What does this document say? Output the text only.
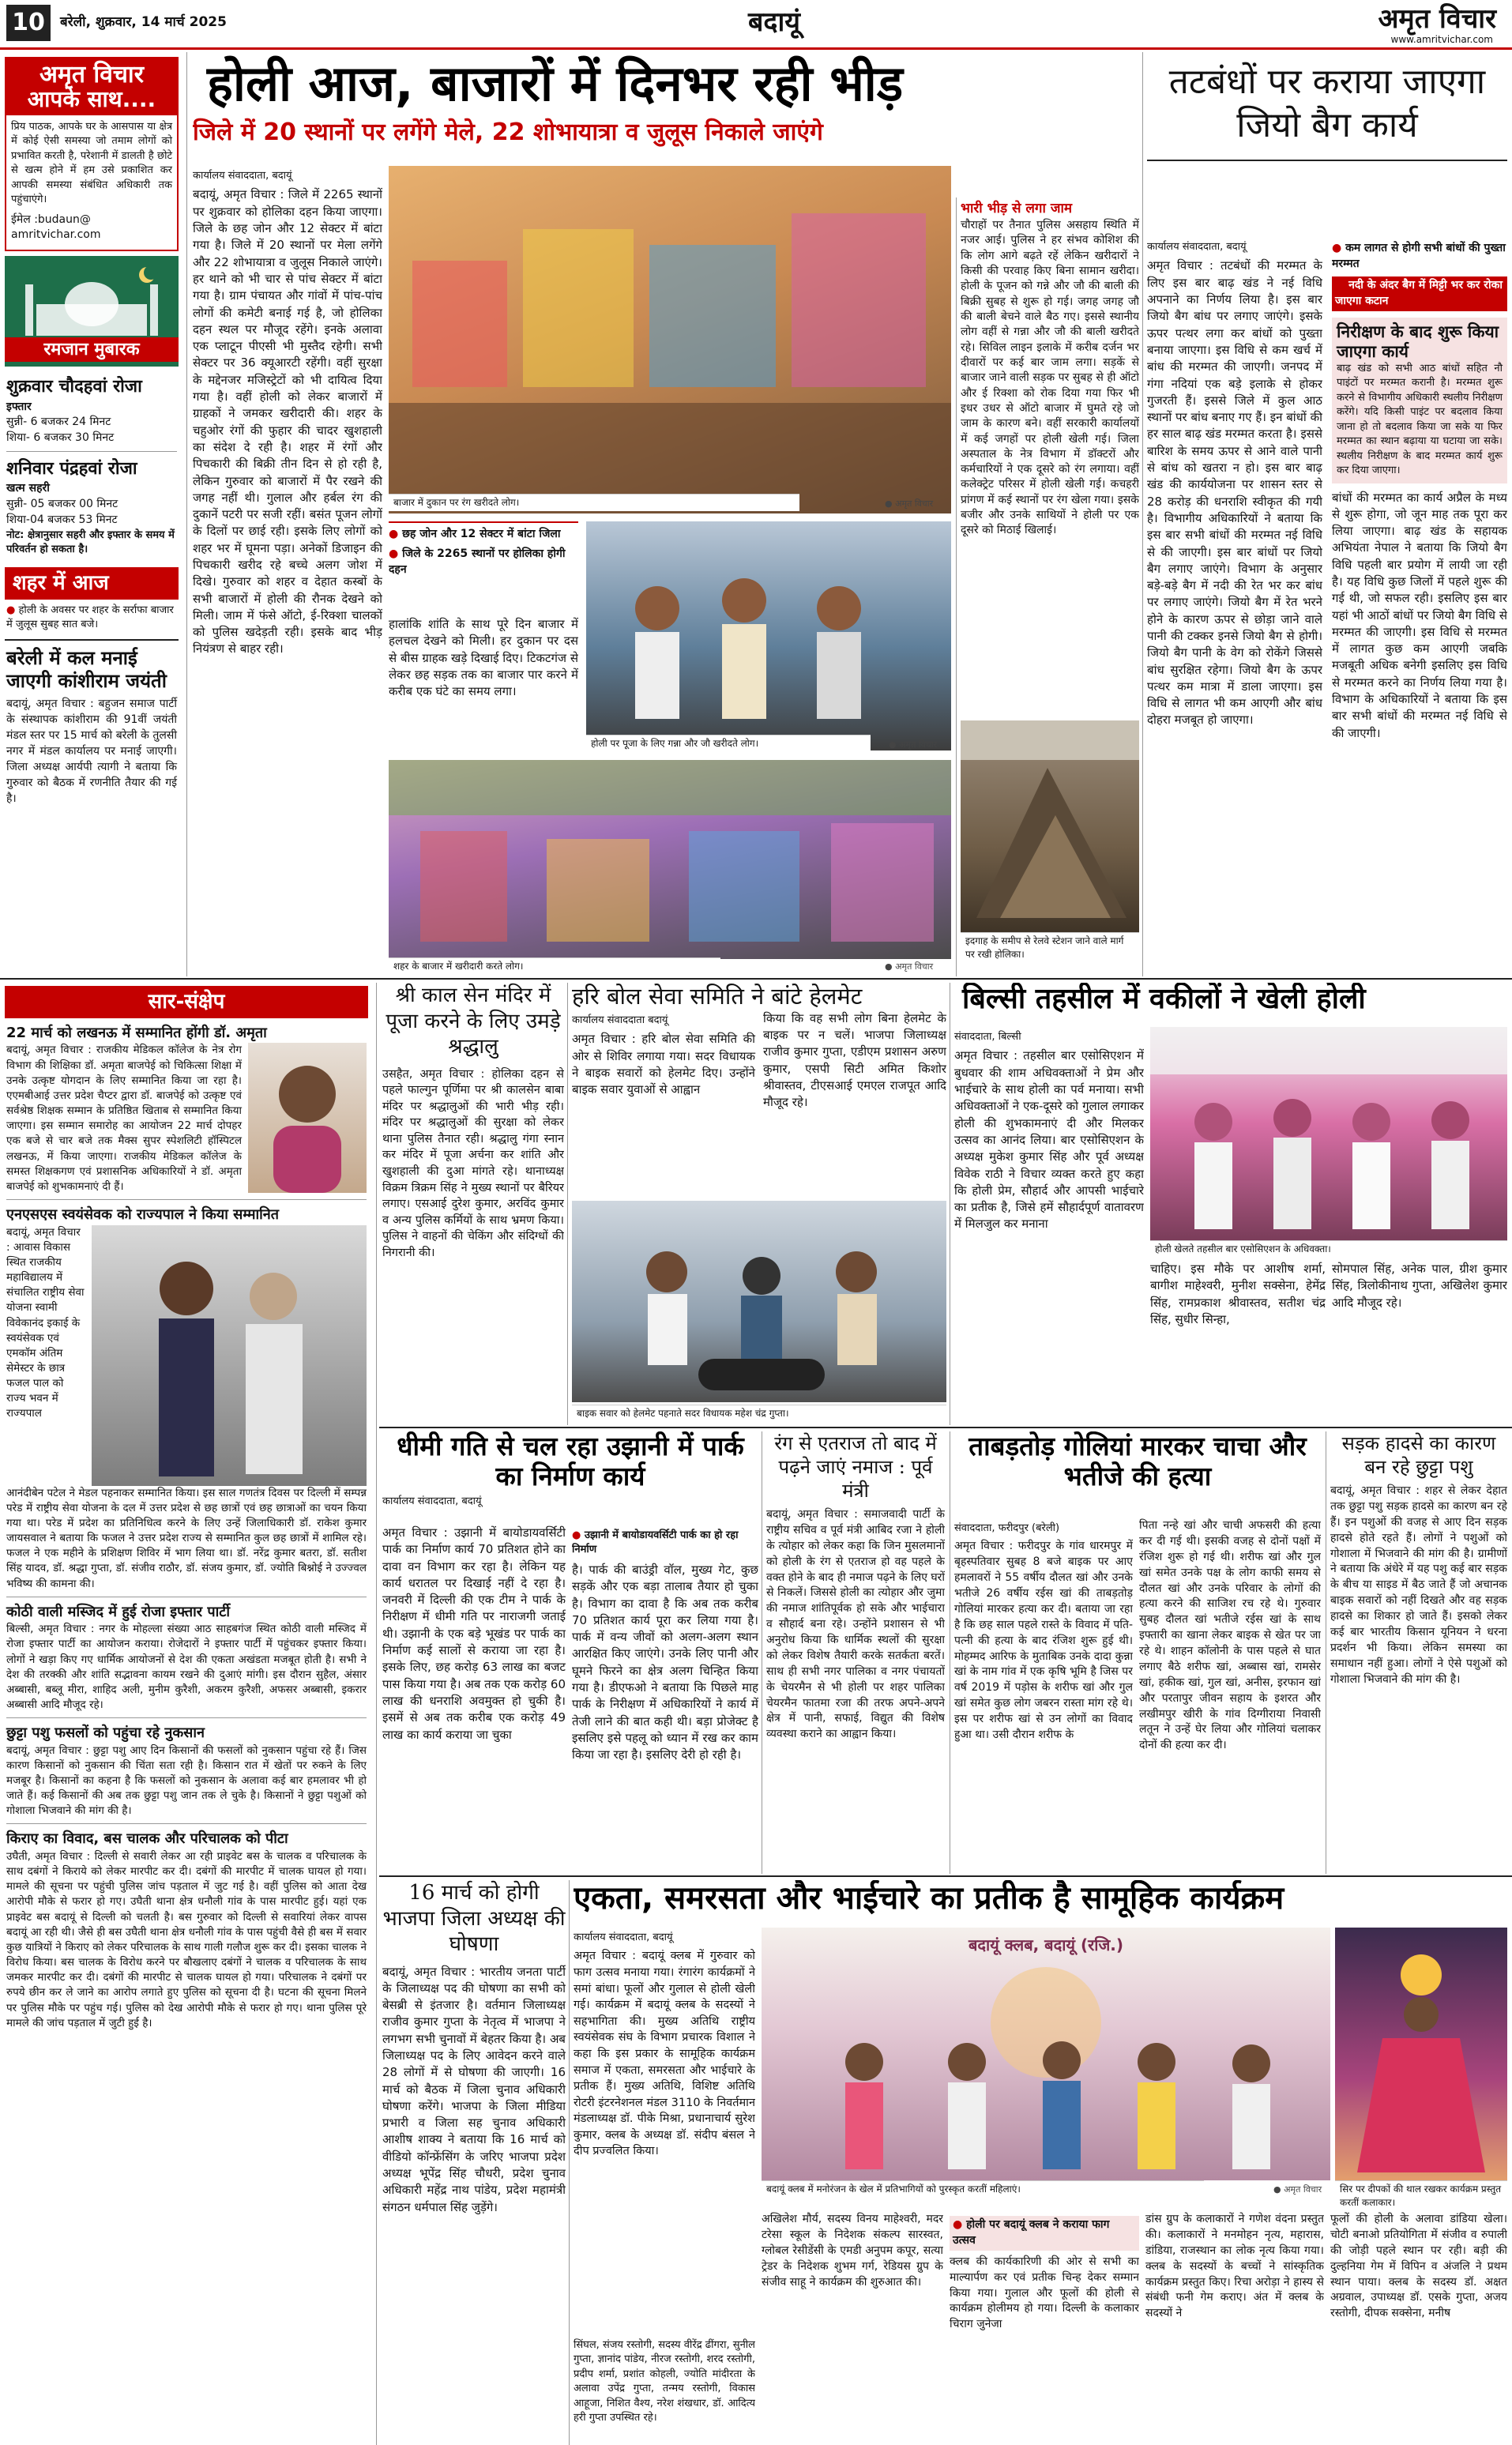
10	बरेली, शुक्रवार, 14 मार्च 2025	बदायूं	अमृत विचार
www.amritvichar.com
अमृत विचार
आपके साथ....
प्रिय पाठक, आपके घर के आसपास या क्षेत्र में कोई ऐसी समस्या जो तमाम लोगों को प्रभावित करती है, परेशानी में डालती है छोटे से खत्म होने में हम उसे प्रकाशित कर आपकी समस्या संबंधित अधिकारी तक पहुंचाएंगे।
ईमेल :budaun@
amritvichar.com
रमजान मुबारक
शुक्रवार चौदहवां रोजा
इफ्तार
सुन्नी- 6 बजकर 24 मिनट
शिया- 6 बजकर 30 मिनट
शनिवार पंद्रहवां रोजा
खत्म सहरी
सुन्नी- 05 बजकर 00 मिनट
शिया-04 बजकर 53 मिनट
नोट: क्षेत्रानुसार सहरी और इफ्तार के समय में परिवर्तन हो सकता है।
शहर में आज
● होली के अवसर पर शहर के सर्राफा बाजार में जुलूस सुबह सात बजे।
बरेली में कल मनाई जाएगी कांशीराम जयंती
बदायूं, अमृत विचार : बहुजन समाज पार्टी के संस्थापक कांशीराम की 91वीं जयंती मंडल स्तर पर 15 मार्च को बरेली के तुलसी नगर में मंडल कार्यालय पर मनाई जाएगी। जिला अध्यक्ष आर्यपी त्यागी ने बताया कि गुरुवार को बैठक में रणनीति तैयार की गई है।
होली आज, बाजारों में दिनभर रही भीड़
जिले में 20 स्थानों पर लगेंगे मेले, 22 शोभायात्रा व जुलूस निकाले जाएंगे
कार्यालय संवाददाता, बदायूं
बदायूं, अमृत विचार : जिले में 2265 स्थानों पर शुक्रवार को होलिका दहन किया जाएगा। जिले के छह जोन और 12 सेक्टर में बांटा गया है। जिले में 20 स्थानों पर मेला लगेंगे और 22 शोभायात्रा व जुलूस निकाले जाएंगे। हर थाने को भी चार से पांच सेक्टर में बांटा गया है। ग्राम पंचायत और गांवों में पांच-पांच लोगों की कमेटी बनाई गई है, जो होलिका दहन स्थल पर मौजूद रहेंगे। इनके अलावा एक प्लाटून पीएसी भी मुस्तैद रहेगी। सभी सेक्टर पर 36 क्यूआरटी रहेंगी। वहीं सुरक्षा के मद्देनजर मजिस्ट्रेटों को भी दायित्व दिया गया है। वहीं होली को लेकर बाजारों में ग्राहकों ने जमकर खरीदारी की। शहर के चहुओर रंगों की फुहार की चादर खुशहाली का संदेश दे रही है। शहर में रंगों और पिचकारी की बिक्री तीन दिन से हो रही है, लेकिन गुरुवार को बाजारों में पैर रखने की जगह नहीं थी। गुलाल और हर्बल रंग की दुकानें पटरी पर सजी रहीं। बसंत पूजन लोगों के दिलों पर छाई रही। इसके लिए लोगों को शहर भर में घूमना पड़ा। अनेकों डिजाइन की पिचकारी खरीद रहे बच्चे अलग जोश में दिखे। गुरुवार को शहर व देहात कस्बों के सभी बाजारों में होली की रौनक देखने को मिली। जाम में फंसे ऑटो, ई-रिक्शा चालकों को पुलिस खदेड़ती रही। इसके बाद भीड़ नियंत्रण से बाहर रही।
बाजार में दुकान पर रंग खरीदते लोग।	● अमृत विचार
● छह जोन और 12 सेक्टर में बांटा जिला
● जिले के 2265 स्थानों पर होलिका होगी दहन
होली पर पूजा के लिए गन्ना और जौ खरीदते लोग।	● अमृत विचार
हालांकि शांति के साथ पूरे दिन बाजार में हलचल देखने को मिली। हर दुकान पर दस से बीस ग्राहक खड़े दिखाई दिए। टिकटगंज से लेकर छह सड़क तक का बाजार पार करने में करीब एक घंटे का समय लगा।
शहर के बाजार में खरीदारी करते लोग।	● अमृत विचार
भारी भीड़ से लगा जाम
चौराहों पर तैनात पुलिस असहाय स्थिति में नजर आई। पुलिस ने हर संभव कोशिश की कि लोग आगे बढ़ते रहें लेकिन खरीदारों ने किसी की परवाह किए बिना सामान खरीदा। होली के पूजन को गन्ने और जौ की बाली की बिक्री सुबह से शुरू हो गई। जगह जगह जौ की बाली बेचने वाले बैठ गए। इससे स्थानीय लोग वहीं से गन्ना और जौ की बाली खरीदते रहे। सिविल लाइन इलाके में करीब दर्जन भर दीवारों पर कई बार जाम लगा। सड़कें से बाजार जाने वाली सड़क पर सुबह से ही ऑटो और ई रिक्शा को रोक दिया गया फिर भी इधर उधर से ऑटो बाजार में घुमते रहे जो जाम के कारण बने। वहीं सरकारी कार्यालयों में कई जगहों पर होली खेली गई। जिला अस्पताल के नेत्र विभाग में डॉक्टरों और कर्मचारियों ने एक दूसरे को रंग लगाया। वहीं कलेक्ट्रेट परिसर में होली खेली गई। कचहरी प्रांगण में कई स्थानों पर रंग खेला गया। इसके बजीर और उनके साथियों ने होली पर एक दूसरे को मिठाई खिलाई।
इदगाह के समीप से रेलवे स्टेशन जाने वाले मार्ग पर रखी होलिका।
तटबंधों पर कराया जाएगा जियो बैग कार्य
कार्यालय संवाददाता, बदायूं
अमृत विचार : तटबंधों की मरम्मत के लिए इस बार बाढ़ खंड ने नई विधि अपनाने का निर्णय लिया है। इस बार जियो बैग बांध पर लगाए जाएंगे। इसके ऊपर पत्थर लगा कर बांधों को पुख्ता बनाया जाएगा। इस विधि से कम खर्च में बांध की मरम्मत की जाएगी। जनपद में गंगा नदियां एक बड़े इलाके से होकर गुजरती हैं। इससे जिले में कुल आठ स्थानों पर बांध बनाए गए हैं। इन बांधों की हर साल बाढ़ खंड मरम्मत करता है। इससे बारिश के समय ऊपर से आने वाले पानी से बांध को खतरा न हो। इस बार बाढ़ खंड की कार्ययोजना पर शासन स्तर से 28 करोड़ की धनराशि स्वीकृत की गयी है। विभागीय अधिकारियों ने बताया कि इस बार सभी बांधों की मरम्मत नई विधि से की जाएगी। इस बार बांधों पर जियो बैग लगाए जाएंगे। विभाग के अनुसार बड़े-बड़े बैग में नदी की रेत भर कर बांध पर लगाए जाएंगे। जियो बैग में रेत भरने होने के कारण ऊपर से छोड़ा जाने वाले पानी की टक्कर इनसे जियो बैग से होगी। जियो बैग पानी के वेग को रोकेंगे जिससे बांध सुरक्षित रहेगा। जियो बैग के ऊपर पत्थर कम मात्रा में डाला जाएगा। इस विधि से लागत भी कम आएगी और बांध दोहरा मजबूत हो जाएगा।
● कम लागत से होगी सभी बांधों की पुख्ता मरम्मत
● नदी के अंदर बैग में मिट्टी भर कर रोका जाएगा कटान
निरीक्षण के बाद शुरू किया जाएगा कार्य
बाढ़ खंड को सभी आठ बांधों सहित नौ पाइंटों पर मरम्मत करानी है। मरम्मत शुरू करने से विभागीय अधिकारी स्थलीय निरीक्षण करेंगे। यदि किसी पाइंट पर बदलाव किया जाना हो तो बदलाव किया जा सके या फिर मरम्मत का स्थान बढ़ाया या घटाया जा सके। स्थलीय निरीक्षण के बाद मरम्मत कार्य शुरू कर दिया जाएगा।
बांधों की मरम्मत का कार्य अप्रैल के मध्य से शुरू होगा, जो जून माह तक पूरा कर लिया जाएगा। बाढ़ खंड के सहायक अभियंता नेपाल ने बताया कि जियो बैग विधि पहली बार प्रयोग में लायी जा रही है। यह विधि कुछ जिलों में पहले शुरू की गई थी, जो सफल रही। इसलिए इस बार यहां भी आठों बांधों पर जियो बैग विधि से मरम्मत की जाएगी। इस विधि से मरम्मत में लागत कुछ कम आएगी जबकि मजबूती अधिक बनेगी इसलिए इस विधि से मरम्मत करने का निर्णय लिया गया है। विभाग के अधिकारियों ने बताया कि इस बार सभी बांधों की मरम्मत नई विधि से की जाएगी।
सार-संक्षेप
22 मार्च को लखनऊ में सम्मानित होंगी डॉ. अमृता
बदायूं, अमृत विचार : राजकीय मेडिकल कॉलेज के नेत्र रोग विभाग की शिक्षिका डॉ. अमृता बाजपेई को चिकित्सा शिक्षा में उनके उत्कृष्ट योगदान के लिए सम्मानित किया जा रहा है। एएमबीआई उत्तर प्रदेश चैप्टर द्वारा डॉ. बाजपेई को उत्कृष्ट एवं सर्वश्रेष्ठ शिक्षक सम्मान के प्रतिष्ठित खिताब से सम्मानित किया जाएगा। इस सम्मान समारोह का आयोजन 22 मार्च दोपहर एक बजे से चार बजे तक मैक्स सुपर स्पेशलिटी हॉस्पिटल लखनऊ, में किया जाएगा। राजकीय मेडिकल कॉलेज के समस्त शिक्षकगण एवं प्रशासनिक अधिकारियों ने डॉ. अमृता बाजपेई को शुभकामनाएं दी हैं।
एनएसएस स्वयंसेवक को राज्यपाल ने किया सम्मानित
बदायूं, अमृत विचार : आवास विकास स्थित राजकीय महाविद्यालय में संचालित राष्ट्रीय सेवा योजना स्वामी विवेकानंद इकाई के स्वयंसेवक एवं एमकॉम अंतिम सेमेस्टर के छात्र फजल पाल को राज्य भवन में राज्यपाल
आनंदीबेन पटेल ने मेडल पहनाकर सम्मानित किया। इस साल गणतंत्र दिवस पर दिल्ली में सम्पन्न परेड में राष्ट्रीय सेवा योजना के दल में उत्तर प्रदेश से छह छात्रों एवं छह छात्राओं का चयन किया गया था। परेड में प्रदेश का प्रतिनिधित्व करने के लिए उन्हें जिलाधिकारी डॉ. राकेश कुमार जायसवाल ने बताया कि फजल ने उत्तर प्रदेश राज्य से सम्मानित कुल छह छात्रों में शामिल रहे। फजल ने एक महीने के प्रशिक्षण शिविर में भाग लिया था। डॉ. नरेंद्र कुमार बतरा, डॉ. सतीश सिंह यादव, डॉ. श्रद्धा गुप्ता, डॉ. संजीव राठौर, डॉ. संजय कुमार, डॉ. ज्योति बिश्नोई ने उज्ज्वल भविष्य की कामना की।
कोठी वाली मस्जिद में हुई रोजा इफ्तार पार्टी
बिल्सी, अमृत विचार : नगर के मोहल्ला संख्या आठ साहबगंज स्थित कोठी वाली मस्जिद में रोजा इफ्तार पार्टी का आयोजन कराया। रोजेदारों ने इफ्तार पार्टी में पहुंचकर इफ्तार किया। लोगों ने खड़ा किए गए धार्मिक आयोजनों से देश की एकता अखंडता मजबूत होती है। सभी ने देश की तरक्की और शांति सद्भावना कायम रखने की दुआएं मांगी। इस दौरान सुहैल, अंसार अब्बासी, बब्लू मीरा, शाहिद अली, मुनीम कुरैशी, अकरम कुरैशी, अफसर अब्बासी, इकरार अब्बासी आदि मौजूद रहे।
छुट्टा पशु फसलों को पहुंचा रहे नुकसान
बदायूं, अमृत विचार : छुट्टा पशु आए दिन किसानों की फसलों को नुकसान पहुंचा रहे हैं। जिस कारण किसानों को नुकसान की चिंता सता रही है। किसान रात में खेतों पर रुकने के लिए मजबूर है। किसानों का कहना है कि फसलों को नुकसान के अलावा कई बार हमलावर भी हो जाते हैं। कई किसानों की अब तक छुट्टा पशु जान तक ले चुके है। किसानों ने छुट्टा पशुओं को गोशाला भिजवाने की मांग की है।
किराए का विवाद, बस चालक और परिचालक को पीटा
उघैती, अमृत विचार : दिल्ली से सवारी लेकर आ रही प्राइवेट बस के चालक व परिचालक के साथ दबंगों ने किराये को लेकर मारपीट कर दी। दबंगों की मारपीट में चालक घायल हो गया। मामले की सूचना पर पहुंची पुलिस जांच पड़ताल में जुट गई है। वहीं पुलिस को आता देख आरोपी मौके से फरार हो गए। उघैती थाना क्षेत्र धनौली गांव के पास मारपीट हुई। यहां एक प्राइवेट बस बदायूं से दिल्ली को चलती है। बस गुरुवार को दिल्ली से सवारियां लेकर वापस बदायूं आ रही थी। जैसे ही बस उघैती थाना क्षेत्र धनौली गांव के पास पहुंची वैसे ही बस में सवार कुछ यात्रियों ने किराए को लेकर परिचालक के साथ गाली गलौज शुरू कर दी। इसका चालक ने विरोध किया। बस चालक के विरोध करने पर बौखलाए दबंगों ने चालक व परिचालक के साथ जमकर मारपीट कर दी। दबंगों की मारपीट से चालक घायल हो गया। परिचालक ने दबंगों पर रुपये छीन कर ले जाने का आरोप लगाते हुए पुलिस को सूचना दी है। घटना की सूचना मिलने पर पुलिस मौके पर पहुंच गई। पुलिस को देख आरोपी मौके से फरार हो गए। थाना पुलिस पूरे मामले की जांच पड़ताल में जुटी हुई है।
श्री काल सेन मंदिर में पूजा करने के लिए उमड़े श्रद्धालु
उसहैत, अमृत विचार : होलिका दहन से पहले फाल्गुन पूर्णिमा पर श्री कालसेन बाबा मंदिर पर श्रद्धालुओं की भारी भीड़ रही। मंदिर पर श्रद्धालुओं की सुरक्षा को लेकर थाना पुलिस तैनात रही। श्रद्धालु गंगा स्नान कर मंदिर में पूजा अर्चना कर शांति और खुशहाली की दुआ मांगते रहे। थानाध्यक्ष विक्रम त्रिक्रम सिंह ने मुख्य स्थानों पर बैरियर लगाए। एसआई दुरेश कुमार, अरविंद कुमार व अन्य पुलिस कर्मियों के साथ भ्रमण किया। पुलिस ने वाहनों की चेकिंग और संदिग्धों की निगरानी की।
हरि बोल सेवा समिति ने बांटे हेलमेट
कार्यालय संवाददाता बदायूं
अमृत विचार : हरि बोल सेवा समिति की ओर से शिविर लगाया गया। सदर विधायक ने बाइक सवारों को हेलमेट दिए। उन्होंने बाइक सवार युवाओं से आह्वान
किया कि वह सभी लोग बिना हेलमेट के बाइक पर न चलें। भाजपा जिलाध्यक्ष राजीव कुमार गुप्ता, एडीएम प्रशासन अरुण कुमार, एसपी सिटी अमित किशोर श्रीवास्तव, टीएसआई एमएल राजपूत आदि मौजूद रहे।
बाइक सवार को हेलमेट पहनाते सदर विधायक महेश चंद्र गुप्ता।
बिल्सी तहसील में वकीलों ने खेली होली
संवाददाता, बिल्सी
अमृत विचार : तहसील बार एसोसिएशन में बुधवार की शाम अधिवक्ताओं ने प्रेम और भाईचारे के साथ होली का पर्व मनाया। सभी अधिवक्ताओं ने एक-दूसरे को गुलाल लगाकर होली की शुभकामनाएं दी और मिलकर उत्सव का आनंद लिया। बार एसोसिएशन के अध्यक्ष मुकेश कुमार सिंह और पूर्व अध्यक्ष विवेक राठी ने विचार व्यक्त करते हुए कहा कि होली प्रेम, सौहार्द और आपसी भाईचारे का प्रतीक है, जिसे हमें सौहार्दपूर्ण वातावरण में मिलजुल कर मनाना
होली खेलते तहसील बार एसोसिएशन के अधिवक्ता।
चाहिए। इस मौके पर आशीष शर्मा, बागीश माहेश्वरी, मुनीश सक्सेना, हेमेंद्र सिंह, रामप्रकाश श्रीवास्तव, सतीश चंद्र सिंह, सुधीर सिन्हा,
सोमपाल सिंह, अनेक पाल, ग्रीश कुमार सिंह, त्रिलोकीनाथ गुप्ता, अखिलेश कुमार आदि मौजूद रहे।
धीमी गति से चल रहा उझानी में पार्क का निर्माण कार्य
कार्यालय संवाददाता, बदायूं
अमृत विचार : उझानी में बायोडायवर्सिटी पार्क का निर्माण कार्य 70 प्रतिशत होने का दावा वन विभाग कर रहा है। लेकिन यह कार्य धरातल पर दिखाई नहीं दे रहा है। जनवरी में दिल्ली की एक टीम ने पार्क के निरीक्षण में धीमी गति पर नाराजगी जताई थी। उझानी के एक बड़े भूखंड पर पार्क का निर्माण कई सालों से कराया जा रहा है। इसके लिए, छह करोड़ 63 लाख का बजट पास किया गया है। अब तक एक करोड़ 60 लाख की धनराशि अवमुक्त हो चुकी है। इसमें से अब तक करीब एक करोड़ 49 लाख का कार्य कराया जा चुका
● उझानी में बायोडायवर्सिटी पार्क का हो रहा निर्माण
है। पार्क की बाउंड्री वॉल, मुख्य गेट, कुछ सड़कें और एक बड़ा तालाब तैयार हो चुका है। विभाग का दावा है कि अब तक करीब 70 प्रतिशत कार्य पूरा कर लिया गया है। पार्क में वन्य जीवों को अलग-अलग स्थान आरक्षित किए जाएंगे। उनके लिए पानी और घूमने फिरने का क्षेत्र अलग चिन्हित किया गया है। डीएफओ ने बताया कि पिछले माह पार्क के निरीक्षण में अधिकारियों ने कार्य में तेजी लाने की बात कही थी। बड़ा प्रोजेक्ट है इसलिए इसे पहलू को ध्यान में रख कर काम किया जा रहा है। इसलिए देरी हो रही है।
रंग से एतराज तो बाद में पढ़ने जाएं नमाज : पूर्व मंत्री
बदायूं, अमृत विचार : समाजवादी पार्टी के राष्ट्रीय सचिव व पूर्व मंत्री आबिद रजा ने होली के त्योहार को लेकर कहा कि जिन मुसलमानों को होली के रंग से एतराज हो वह पहले के वक्त होने के बाद ही नमाज पढ़ने के लिए घरों से निकलें। जिससे होली का त्योहार और जुमा की नमाज शांतिपूर्वक हो सके और भाईचारा व सौहार्द बना रहे। उन्होंने प्रशासन से भी अनुरोध किया कि धार्मिक स्थलों की सुरक्षा को लेकर विशेष तैयारी करके सतर्कता बरतें। साथ ही सभी नगर पालिका व नगर पंचायतों के चेयरमैन से भी होली पर शहर पालिका चेयरमैन फातमा रजा की तरफ अपने-अपने क्षेत्र में पानी, सफाई, विद्युत की विशेष व्यवस्था कराने का आह्वान किया।
ताबड़तोड़ गोलियां मारकर चाचा और भतीजे की हत्या
संवाददाता, फरीदपुर (बरेली)
अमृत विचार : फरीदपुर के गांव धारमपुर में बृहस्पतिवार सुबह 8 बजे बाइक पर आए हमलावरों ने 55 वर्षीय दौलत खां और उनके भतीजे 26 वर्षीय रईस खां की ताबड़तोड़ गोलियां मारकर हत्या कर दी। बताया जा रहा है कि छह साल पहले रास्ते के विवाद में पति-पत्नी की हत्या के बाद रंजिश शुरू हुई थी। मोहम्मद आरिफ के मुताबिक उनके दादा कुन्ना खां के नाम गांव में एक कृषि भूमि है जिस पर वर्ष 2019 में पड़ोस के शरीफ खां और गुल खां समेत कुछ लोग जबरन रास्ता मांग रहे थे। इस पर शरीफ खां से उन लोगों का विवाद हुआ था। उसी दौरान शरीफ के
पिता नन्हे खां और चाची अफसरी की हत्या कर दी गई थी। इसकी वजह से दोनों पक्षों में रंजिश शुरू हो गई थी। शरीफ खां और गुल खां समेत उनके पक्ष के लोग काफी समय से दौलत खां और उनके परिवार के लोगों की हत्या करने की साजिश रच रहे थे। गुरुवार सुबह दौलत खां भतीजे रईस खां के साथ इफ्तारी का खाना लेकर बाइक से खेत पर जा रहे थे। शाहन कॉलोनी के पास पहले से घात लगाए बैठे शरीफ खां, अब्बास खां, रामसेर खां, हकीक खां, गुल खां, अनीस, इरफान खां और परतापुर जीवन सहाय के इशरत और लखीमपुर खीरी के गांव दिग्गीराया निवासी लतून ने उन्हें घेर लिया और गोलियां चलाकर दोनों की हत्या कर दी।
सड़क हादसे का कारण बन रहे छुट्टा पशु
बदायूं, अमृत विचार : शहर से लेकर देहात तक छुट्टा पशु सड़क हादसे का कारण बन रहे हैं। इन पशुओं की वजह से आए दिन सड़क हादसे होते रहते हैं। लोगों ने पशुओं को गोशाला में भिजवाने की मांग की है। ग्रामीणों ने बताया कि अंधेरे में यह पशु कई बार सड़क के बीच या साइड में बैठ जाते हैं जो अचानक बाइक सवारों को नहीं दिखते और वह सड़क हादसे का शिकार हो जाते हैं। इसको लेकर कई बार भारतीय किसान यूनियन ने धरना प्रदर्शन भी किया। लेकिन समस्या का समाधान नहीं हुआ। लोगों ने ऐसे पशुओं को गोशाला भिजवाने की मांग की है।
16 मार्च को होगी भाजपा जिला अध्यक्ष की घोषणा
बदायूं, अमृत विचार : भारतीय जनता पार्टी के जिलाध्यक्ष पद की घोषणा का सभी को बेसब्री से इंतजार है। वर्तमान जिलाध्यक्ष राजीव कुमार गुप्ता के नेतृत्व में भाजपा ने लगभग सभी चुनावों में बेहतर किया है। अब जिलाध्यक्ष पद के लिए आवेदन करने वाले 28 लोगों में से घोषणा की जाएगी। 16 मार्च को बैठक में जिला चुनाव अधिकारी घोषणा करेंगे। भाजपा के जिला मीडिया प्रभारी व जिला सह चुनाव अधिकारी आशीष शाक्य ने बताया कि 16 मार्च को वीडियो कॉन्फ्रेंसिंग के जरिए भाजपा प्रदेश अध्यक्ष भूपेंद्र सिंह चौधरी, प्रदेश चुनाव अधिकारी महेंद्र नाथ पांडेय, प्रदेश महामंत्री संगठन धर्मपाल सिंह जुड़ेंगे।
एकता, समरसता और भाईचारे का प्रतीक है सामूहिक कार्यक्रम
कार्यालय संवाददाता, बदायूं
अमृत विचार : बदायूं क्लब में गुरुवार को फाग उत्सव मनाया गया। रंगारंग कार्यक्रमों ने समां बांधा। फूलों और गुलाल से होली खेली गई। कार्यक्रम में बदायूं क्लब के सदस्यों ने सहभागिता की। मुख्य अतिथि राष्ट्रीय स्वयंसेवक संघ के विभाग प्रचारक विशाल ने कहा कि इस प्रकार के सामूहिक कार्यक्रम समाज में एकता, समरसता और भाईचारे के प्रतीक हैं। मुख्य अतिथि, विशिष्ट अतिथि रोटरी इंटरनेशनल मंडल 3110 के निवर्तमान मंडलाध्यक्ष डॉ. पीके मिश्रा, प्रधानाचार्य सुरेश कुमार, क्लब के अध्यक्ष डॉ. संदीप बंसल ने दीप प्रज्वलित किया।
बदायूं क्लब, बदायूं (रजि.)
बदायूं क्लब में मनोरंजन के खेल में प्रतिभागियों को पुरस्कृत करतीं महिलाएं।	● अमृत विचार	सिर पर दीपकों की थाल रखकर कार्यक्रम प्रस्तुत करतीं कलाकार।
अखिलेश मौर्य, सदस्य विनय माहेश्वरी, मदर टरेसा स्कूल के निदेशक संकल्प सारस्वत, ग्लोबल रेसीडेंसी के एमडी अनुपम कपूर, सत्या ट्रेडर के निदेशक शुभम गर्ग, रेडियस ग्रुप के संजीव साहू ने कार्यक्रम की शुरुआत की।
● होली पर बदायूं क्लब ने कराया फाग उत्सव
क्लब की कार्यकारिणी की ओर से सभी का माल्यार्पण कर एवं प्रतीक चिन्ह देकर सम्मान किया गया। गुलाल और फूलों की होली से कार्यक्रम होलीमय हो गया। दिल्ली के कलाकार चिराग जुनेजा
डांस ग्रुप के कलाकारों ने गणेश वंदना प्रस्तुत की। कलाकारों ने मनमोहन नृत्य, महारास, डांडिया, राजस्थान का लोक नृत्य किया गया। क्लब के सदस्यों के बच्चों ने सांस्कृतिक कार्यक्रम प्रस्तुत किए। रिचा अरोड़ा ने हास्य से संबंधी फनी गेम कराए। अंत में क्लब के सदस्यों ने
फूलों की होली के अलावा डांडिया खेला। चोटी बनाओ प्रतियोगिता में संजीव व रुपाली की जोड़ी पहले स्थान पर रही। बड़ी की दुल्हनिया गेम में विपिन व अंजलि ने प्रथम स्थान पाया। क्लब के सदस्य डॉ. अक्षत अग्रवाल, उपाध्यक्ष डॉ. एसके गुप्ता, अजय रस्तोगी, दीपक सक्सेना, मनीष
सिंघल, संजय रस्तोगी, सदस्य वीरेंद्र ढींगरा, सुनील गुप्ता, ज्ञानांद पांडेय, नीरज रस्तोगी, शरद रस्तोगी, प्रदीप शर्मा, प्रशांत कोहली, ज्योति मांदीरता के अलावा उपेंद्र गुप्ता, तन्मय रस्तोगी, विकास आहूजा, निशित वैश्य, नरेश शंखधार, डॉ. आदित्य हरी गुप्ता उपस्थित रहे।
